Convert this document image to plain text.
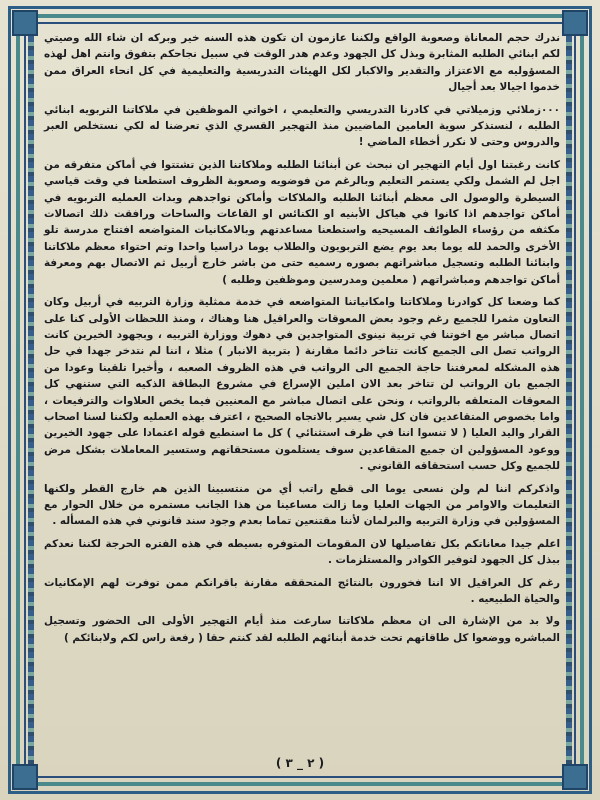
ندرك حجم المعاناة وصعوبة الواقع ولكننا عازمون ان تكون هذه السنه خير وبركه ان شاء الله وصيتي لكم ابنائي الطلبه المثابرة وبذل كل الجهود وعدم هدر الوقت في سبيل نجاحكم بتفوق وانتم اهل لهذه المسؤوليه مع الاعتزاز والتقدير والاكبار لكل الهيئات التدريسية والتعليمية في كل انحاء العراق ممن خدموا اجيالا بعد أجيال

٠٠٠زملائي وزميلاتي في كادرنا التدريسي والتعليمي ، اخواتي الموظفين في ملاكاتنا التربويه ابنائي الطلبه ، لنستذكر سوية العامين الماضيين منذ التهجير القسري الذي تعرضنا له لكي نستخلص العبر والدروس وحتى لا نكرر أخطاء الماضي !

كانت رغبتنا اول أيام التهجير ان نبحث عن أبنائنا الطلبه وملاكاتنا الذين تشتتوا في أماكن متفرقه من اجل لم الشمل ولكي يستمر التعليم وبالرغم من فوضويه وصعوبة الظروف استطعنا في وقت قياسي السيطرة والوصول الى معظم أبنائنا الطلبه والملاكات وأماكن تواجدهم وبدات العمليه التربويه في أماكن تواجدهم اذا كانوا في هياكل الأبنيه او الكنائس او القاعات والساحات ورافقت ذلك اتصالات مكثفه من رؤساء الطوائف المسيحيه واستطعنا مساعدتهم وبالامكانيات المتواضعه افتتاح مدرسة تلو الأخرى والحمد لله يوما بعد يوم يضع التربويون والطلاب يوما دراسيا واحدا وتم احتواء معظم ملاكاتنا وابنائنا الطلبه وتسجيل مباشراتهم بصوره رسميه حتى من باشر خارج أربيل ثم الاتصال بهم ومعرفة أماكن تواجدهم ومباشراتهم ( معلمين ومدرسين وموظفين وطلبه )

كما وضعنا كل كوادرنا وملاكاتنا وامكانياتنا المتواضعه في خدمة ممثلية وزارة التربيه في أربيل وكان التعاون مثمرا للجميع رغم وجود بعض المعوقات والعراقيل هنا وهناك ، ومنذ اللحظات الأولى كنا على اتصال مباشر مع اخوتنا في تربية نينوى المتواجدين في دهوك ووزارة التربيه ، وبجهود الخيرين كانت الرواتب تصل الى الجميع كانت تتاخر دائما مقارنة ( بتربية الانبار ) مثلا ، اننا لم نتدخر جهدا في حل هذه المشكله لمعرفتنا حاجة الجميع الى الرواتب في هذه الظروف الصعبه ، وأخيرا تلقينا وعودا من الجميع بان الرواتب لن تتاخر بعد الان املين الإسراع في مشروع البطاقة الذكيه التي ستنهي كل المعوقات المتعلقه بالرواتب ، ونحن على اتصال مباشر مع المعنيين فيما يخص العلاوات والترفيعات ، واما بخصوص المتقاعدين فان كل شي يسير بالاتجاه الصحيح ، اعترف بهذه العمليه ولكننا لسنا اصحاب القرار واليد العليا ( لا تنسوا اننا في ظرف استثنائي ) كل ما استطيع قوله اعتمادا على جهود الخيرين ووعود المسؤولين ان جميع المتقاعدين سوف يستلمون مستحقاتهم وستسير المعاملات بشكل مرض للجميع وكل حسب استحقاقه القانوني .

واذكركم اننا لم ولن نسعى يوما الى قطع راتب أي من منتسبينا الذين هم خارج القطر ولكنها التعليمات والاوامر من الجهات العليا وما زالت مساعينا من هذا الجانب مستمره من خلال الحوار مع المسؤولين في وزارة التربيه والبرلمان لأننا مقتنعين تماما بعدم وجود سند قانوني في هذه المسأله .

اعلم جيدا معاناتكم بكل تفاصيلها لان المقومات المتوفره بسيطه في هذه الفتره الحرجة لكننا نعدكم ببذل كل الجهود لتوفير الكوادر والمستلزمات .

رغم كل العراقيل الا اننا فخورون بالنتائج المتحققه مقارنة باقرانكم ممن توفرت لهم الإمكانيات والحياة الطبيعيه .

ولا بد من الإشارة الى ان معظم ملاكاتنا سارعت منذ أيام التهجير الأولى الى الحضور وتسجيل المباشره ووضعوا كل طاقاتهم تحت خدمة أبنائهم الطلبه لقد كنتم حقا ( رفعة راس لكم ولابنائكم )

( ٢ _ ٣ )
